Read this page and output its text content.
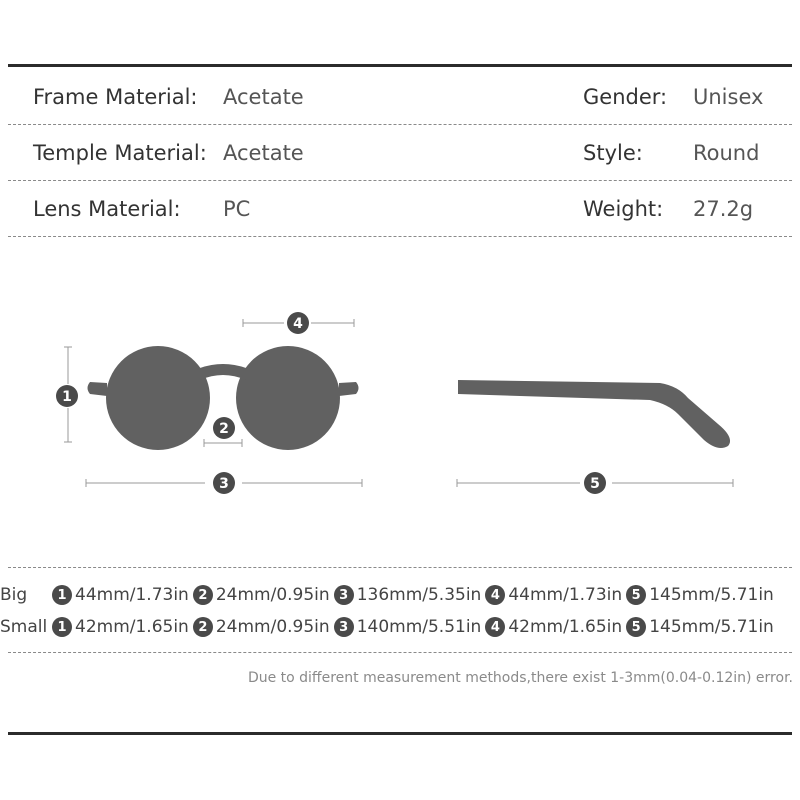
Frame Material: Acetate	Gender: Unisex
Temple Material: Acetate	Style: Round
Lens Material: PC	Weight: 27.2g
1
4
2
3	5
Big	1 44mm/1.73in 2 24mm/0.95in 3 136mm/5.35in 4 44mm/1.73in 5 145mm/5.71in
Small 1 42mm/1.65in 2 24mm/0.95in 3 140mm/5.51in 4 42mm/1.65in 5 145mm/5.71in
Due to different measurement methods,there exist 1-3mm(0.04-0.12in) error.
